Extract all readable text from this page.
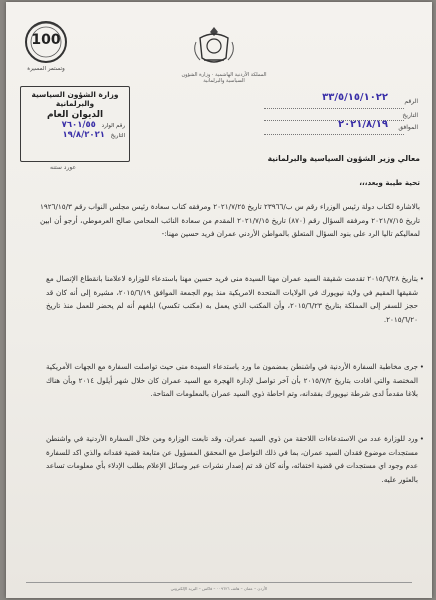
100
وتستمر المسيرة
المملكة الأردنية الهاشمية · وزارة الشؤون السياسية والبرلمانية
الرقم
٣٣/٥/١٥/١٠٢٢
التاريخ
الموافق
٢٠٢١/٨/١٩
وزارة الشؤون السياسية والبرلمانية
الديوان العام
رقم الوارد ٧٦٠١/٥٥
التاريخ ١٩/٨/٢٠٢١
عورد ستنه
معالي وزير الشؤون السياسية والبرلمانية
تحية طيبة وبعد،،،
بالاشارة لكتاب دولة رئيس الوزراء رقم س ب/٢٣٩٦٦ تاريخ ٢٠٢١/٧/٢٥ ومرفقه كتاب سعادة رئيس مجلس النواب رقم ١٩٢٦/١٥/٣ تاريخ ٢٠٢١/٧/١٥ ومرفقه السؤال رقم (٨٧٠) تاريخ ٢٠٢١/٧/١٥ المقدم من سعادة النائب المحامي صالح العرموطي، أرجو أن ابين لمعاليكم تاليا الرد على بنود السؤال المتعلق بالمواطن الأردني عمران فريد حسين مهنا:-
• بتاريخ ٢٠١٥/٦/٢٨ تقدمت شقيقة السيد عمران مهنا السيدة منى فريد حسين مهنا باستدعاء للوزارة لاعلامنا بانقطاع الإتصال مع شقيقها المقيم في ولاية نيويورك في الولايات المتحدة الامريكية منذ يوم الجمعة الموافق ٢٠١٥/٦/١٩، مشيرة إلى أنه كان قد حجز للسفر إلى المملكة بتاريخ ٢٠١٥/٦/٢٣، وأن المكتب الذي يعمل به (مكتب تكسي) ابلغهم أنه لم يحضر للعمل منذ تاريخ ٢٠١٥/٦/٢٠.
• جرى مخاطبة السفارة الأردنية في واشنطن بمضمون ما ورد باستدعاء السيدة منى حيث تواصلت السفارة مع الجهات الأمريكية المختصة والتي افادت بتاريخ ٢٠١٥/٧/٢ بأن آخر تواصل لإدارة الهجرة مع السيد عمران كان خلال شهر أيلول ٢٠١٤ وبأن هناك بلاغا مقدماً لدى شرطة نيويورك بفقدانه، وتم احاطة ذوي السيد عمران بالمعلومات المتاحة.
• ورد للوزارة عدد من الاستدعاءات اللاحقة من ذوي السيد عمران، وقد تابعت الوزارة ومن خلال السفارة الأردنية في واشنطن مستجدات موضوع فقدان السيد عمران، بما في ذلك التواصل مع المحقق المسؤول عن متابعة قضية فقدانه والذي اكد للسفارة عدم وجود اي مستجدات في قضية اختفائه، وأنه كان قد تم إصدار نشرات عبر وسائل الإعلام بطلب الإدلاء بأي معلومات تساعد بالعثور عليه.
الأردن – عمان – هاتف ٠٠٩٦٢٦ – فاكس – البريد الإلكتروني
